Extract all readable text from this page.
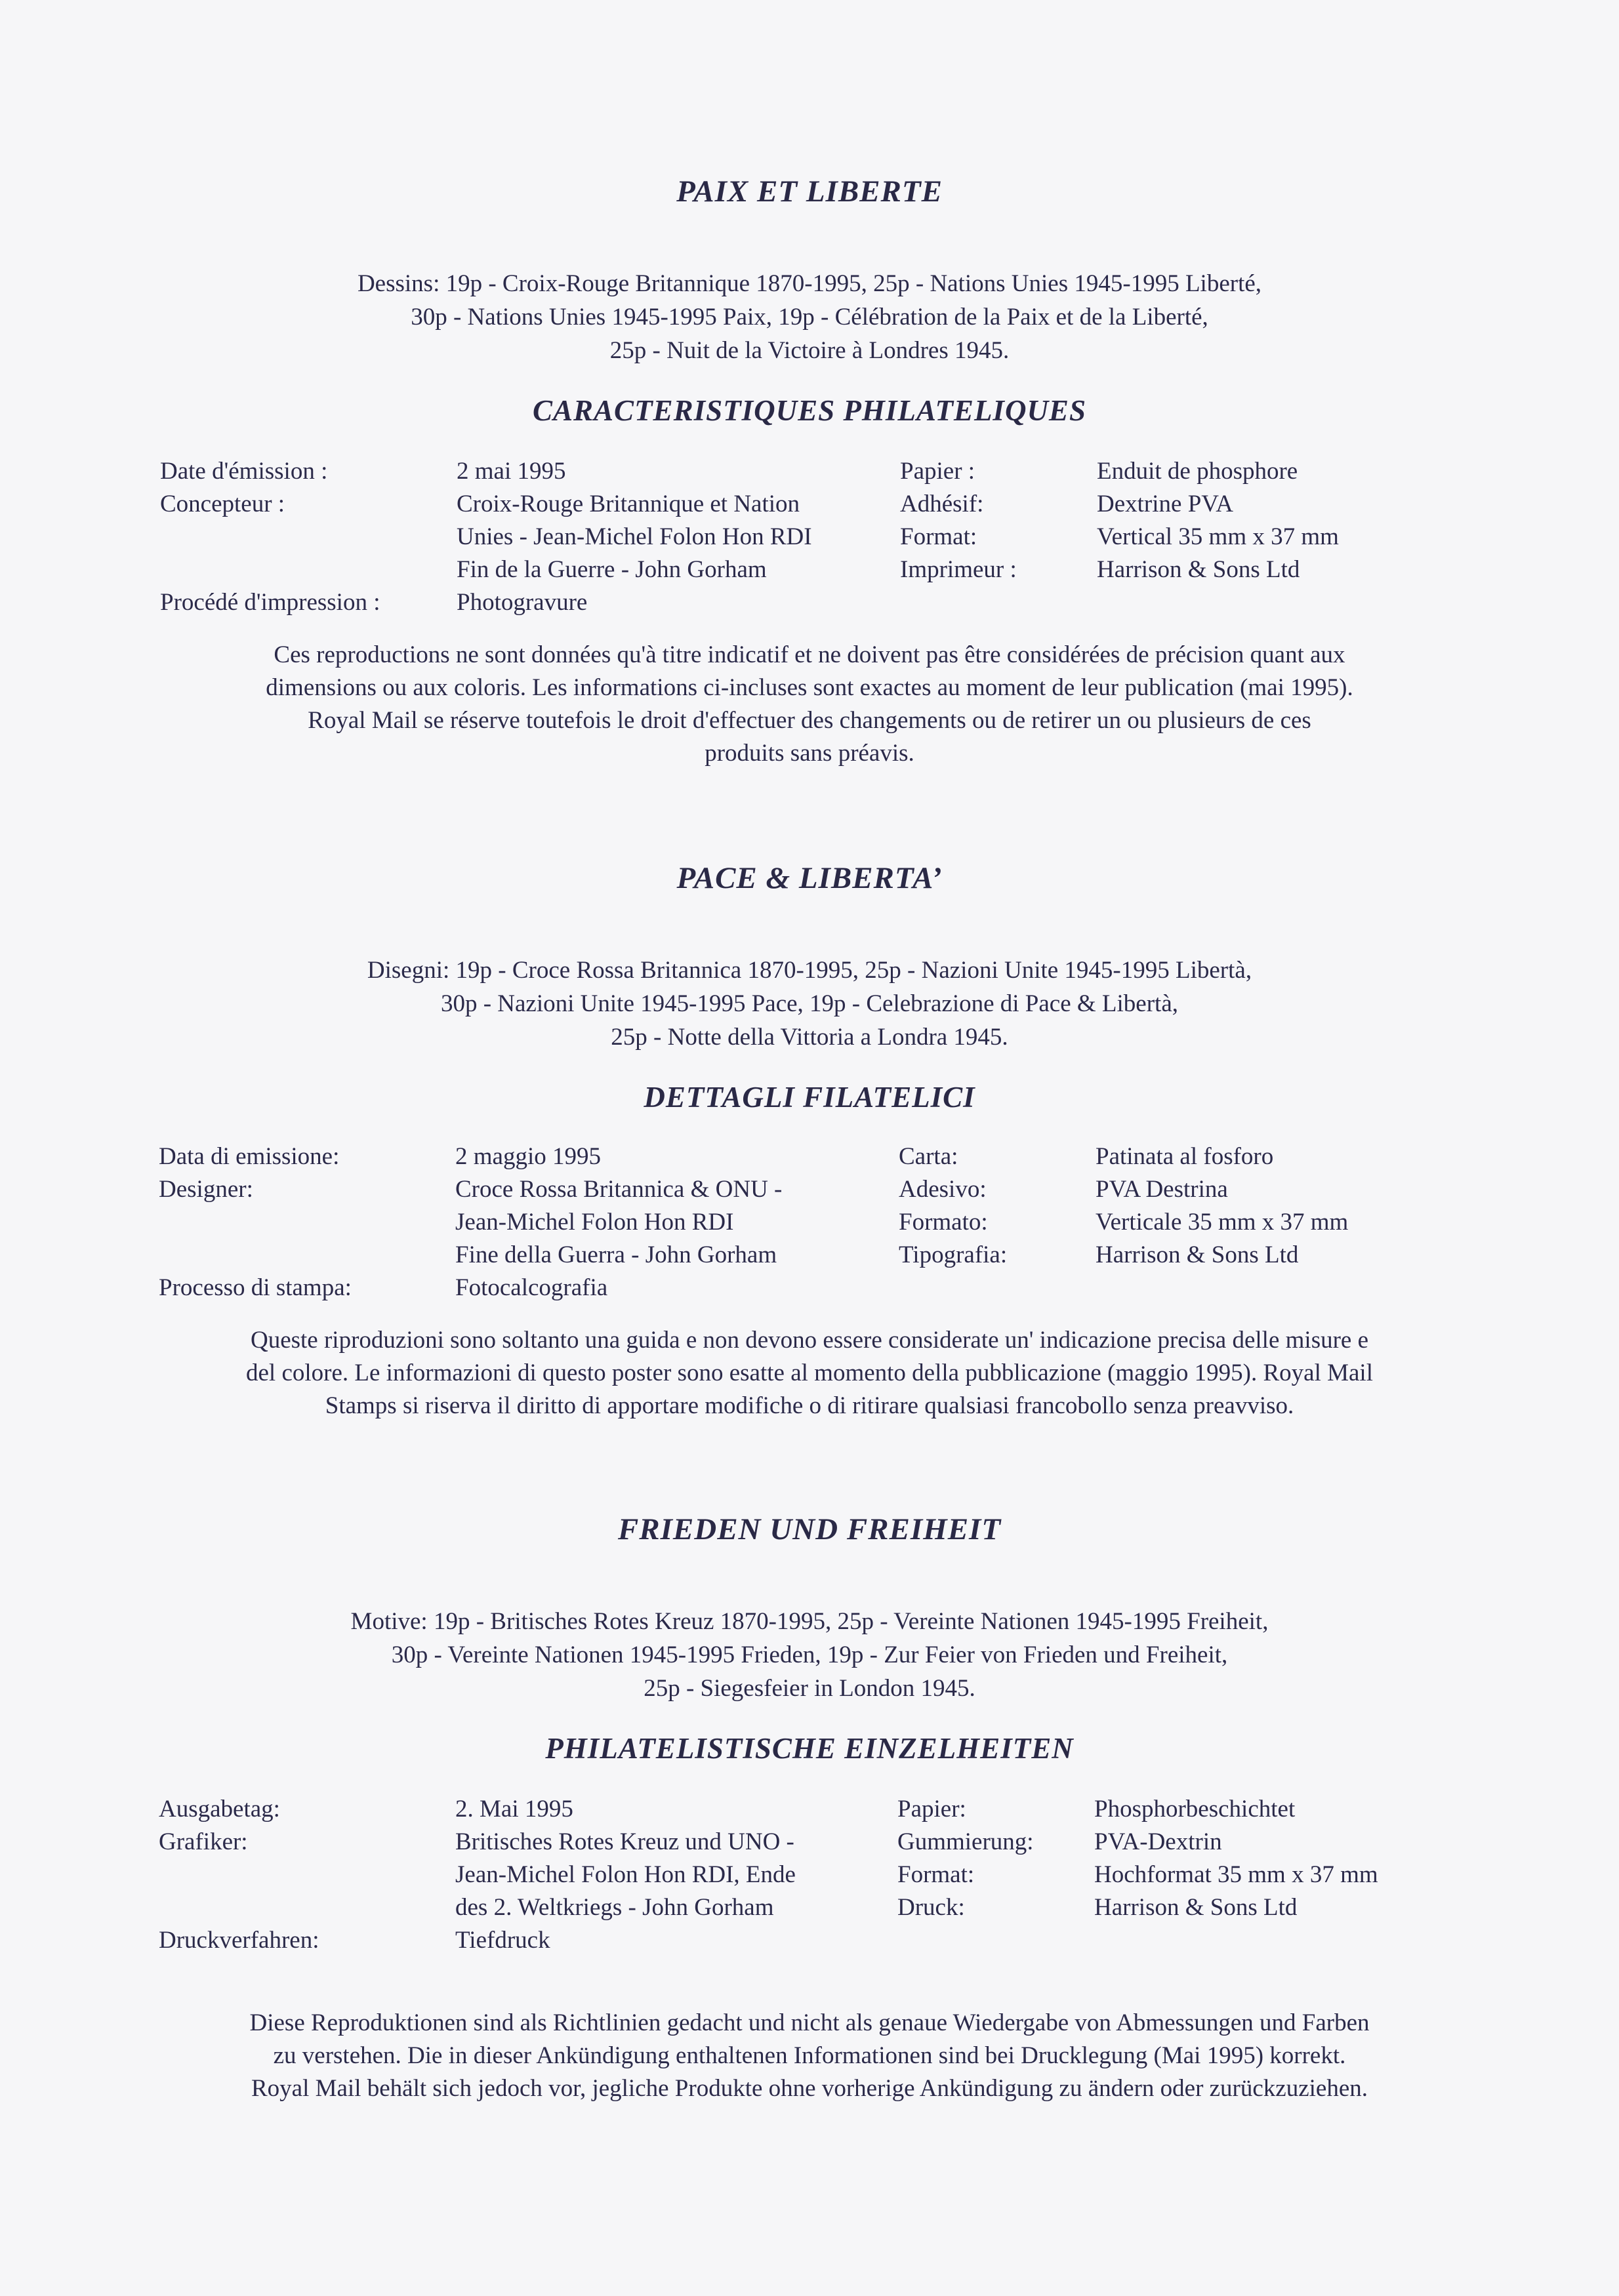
PAIX ET LIBERTE
Dessins: 19p - Croix-Rouge Britannique 1870-1995, 25p - Nations Unies 1945-1995 Liberté,
30p - Nations Unies 1945-1995 Paix, 19p - Célébration de la Paix et de la Liberté,
25p - Nuit de la Victoire à Londres 1945.
CARACTERISTIQUES PHILATELIQUES
Date d'émission :
Concepteur :
Procédé d'impression :
2 mai 1995
Croix-Rouge Britannique et Nation
Unies - Jean-Michel Folon Hon RDI
Fin de la Guerre - John Gorham
Photogravure
Papier :
Adhésif:
Format:
Imprimeur :
Enduit de phosphore
Dextrine PVA
Vertical 35 mm x 37 mm
Harrison & Sons Ltd
Ces reproductions ne sont données qu'à titre indicatif et ne doivent pas être considérées de précision quant aux
dimensions ou aux coloris. Les informations ci-incluses sont exactes au moment de leur publication (mai 1995).
Royal Mail se réserve toutefois le droit d'effectuer des changements ou de retirer un ou plusieurs de ces
produits sans préavis.
PACE & LIBERTA’
Disegni: 19p - Croce Rossa Britannica 1870-1995, 25p - Nazioni Unite 1945-1995 Libertà,
30p - Nazioni Unite 1945-1995 Pace, 19p - Celebrazione di Pace & Libertà,
25p - Notte della Vittoria a Londra 1945.
DETTAGLI FILATELICI
Data di emissione:
Designer:
Processo di stampa:
2 maggio 1995
Croce Rossa Britannica & ONU -
Jean-Michel Folon Hon RDI
Fine della Guerra - John Gorham
Fotocalcografia
Carta:
Adesivo:
Formato:
Tipografia:
Patinata al fosforo
PVA Destrina
Verticale 35 mm x 37 mm
Harrison & Sons Ltd
Queste riproduzioni sono soltanto una guida e non devono essere considerate un' indicazione precisa delle misure e
del colore. Le informazioni di questo poster sono esatte al momento della pubblicazione (maggio 1995). Royal Mail
Stamps si riserva il diritto di apportare modifiche o di ritirare qualsiasi francobollo senza preavviso.
FRIEDEN UND FREIHEIT
Motive: 19p - Britisches Rotes Kreuz 1870-1995, 25p - Vereinte Nationen 1945-1995 Freiheit,
30p - Vereinte Nationen 1945-1995 Frieden, 19p - Zur Feier von Frieden und Freiheit,
25p - Siegesfeier in London 1945.
PHILATELISTISCHE EINZELHEITEN
Ausgabetag:
Grafiker:
Druckverfahren:
2. Mai 1995
Britisches Rotes Kreuz und UNO -
Jean-Michel Folon Hon RDI, Ende
des 2. Weltkriegs - John Gorham
Tiefdruck
Papier:
Gummierung:
Format:
Druck:
Phosphorbeschichtet
PVA-Dextrin
Hochformat 35 mm x 37 mm
Harrison & Sons Ltd
Diese Reproduktionen sind als Richtlinien gedacht und nicht als genaue Wiedergabe von Abmessungen und Farben
zu verstehen. Die in dieser Ankündigung enthaltenen Informationen sind bei Drucklegung (Mai 1995) korrekt.
Royal Mail behält sich jedoch vor, jegliche Produkte ohne vorherige Ankündigung zu ändern oder zurückzuziehen.
